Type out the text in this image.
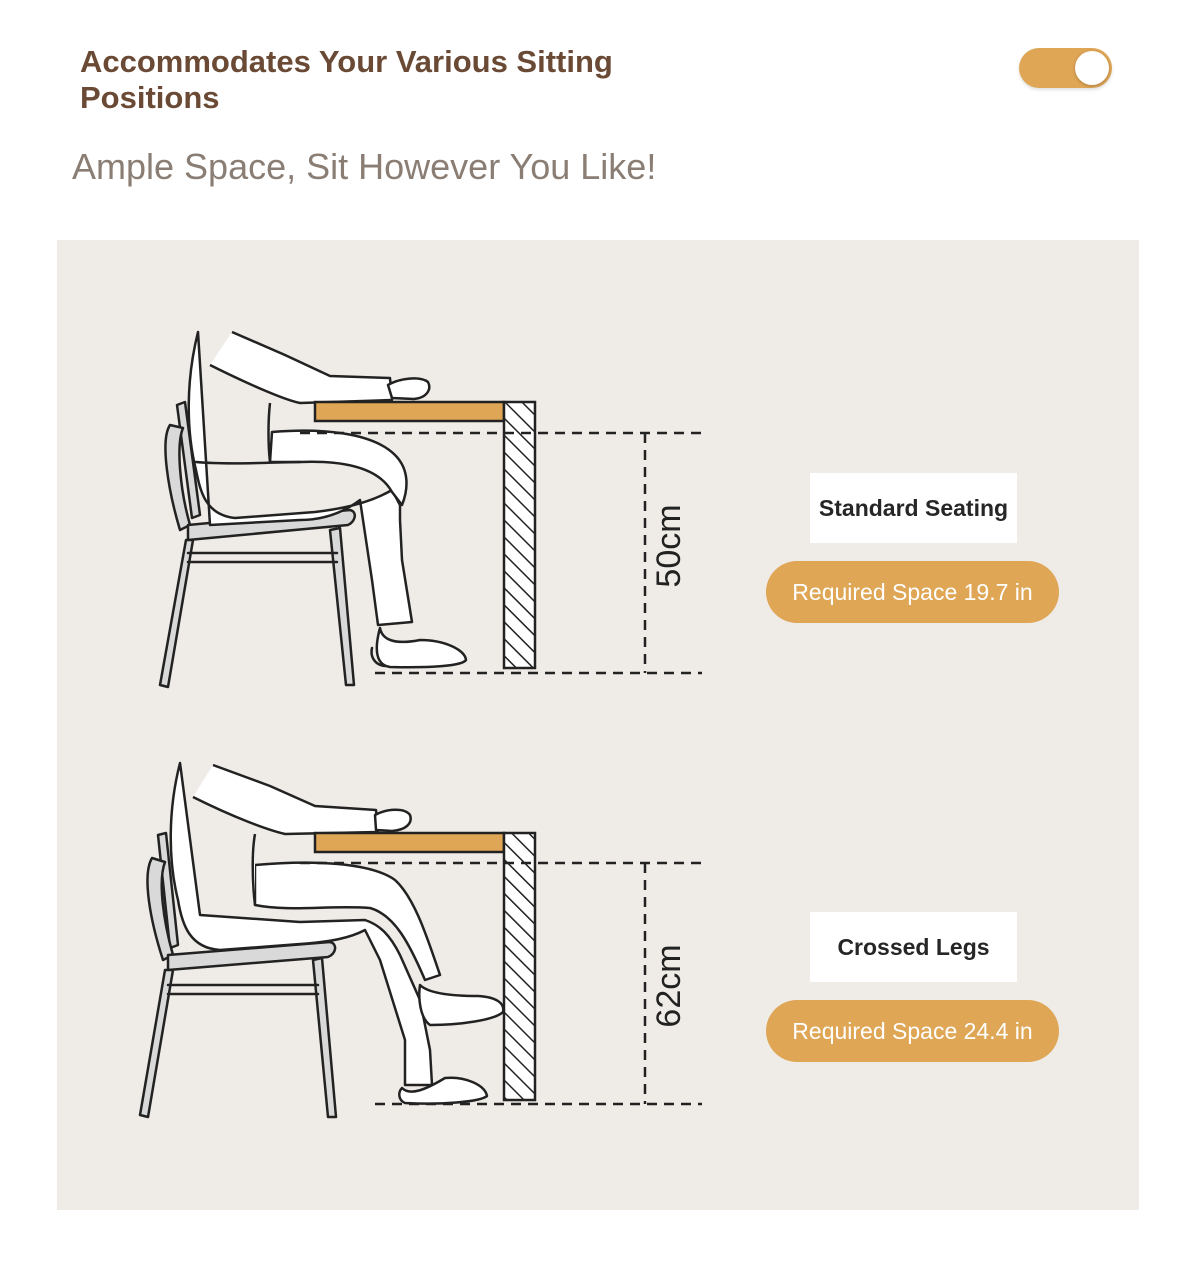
Accommodates Your Various Sitting Positions
Ample Space, Sit However You Like!
50cm
62cm
Standard Seating
Required Space 19.7 in
Crossed Legs
Required Space 24.4 in
